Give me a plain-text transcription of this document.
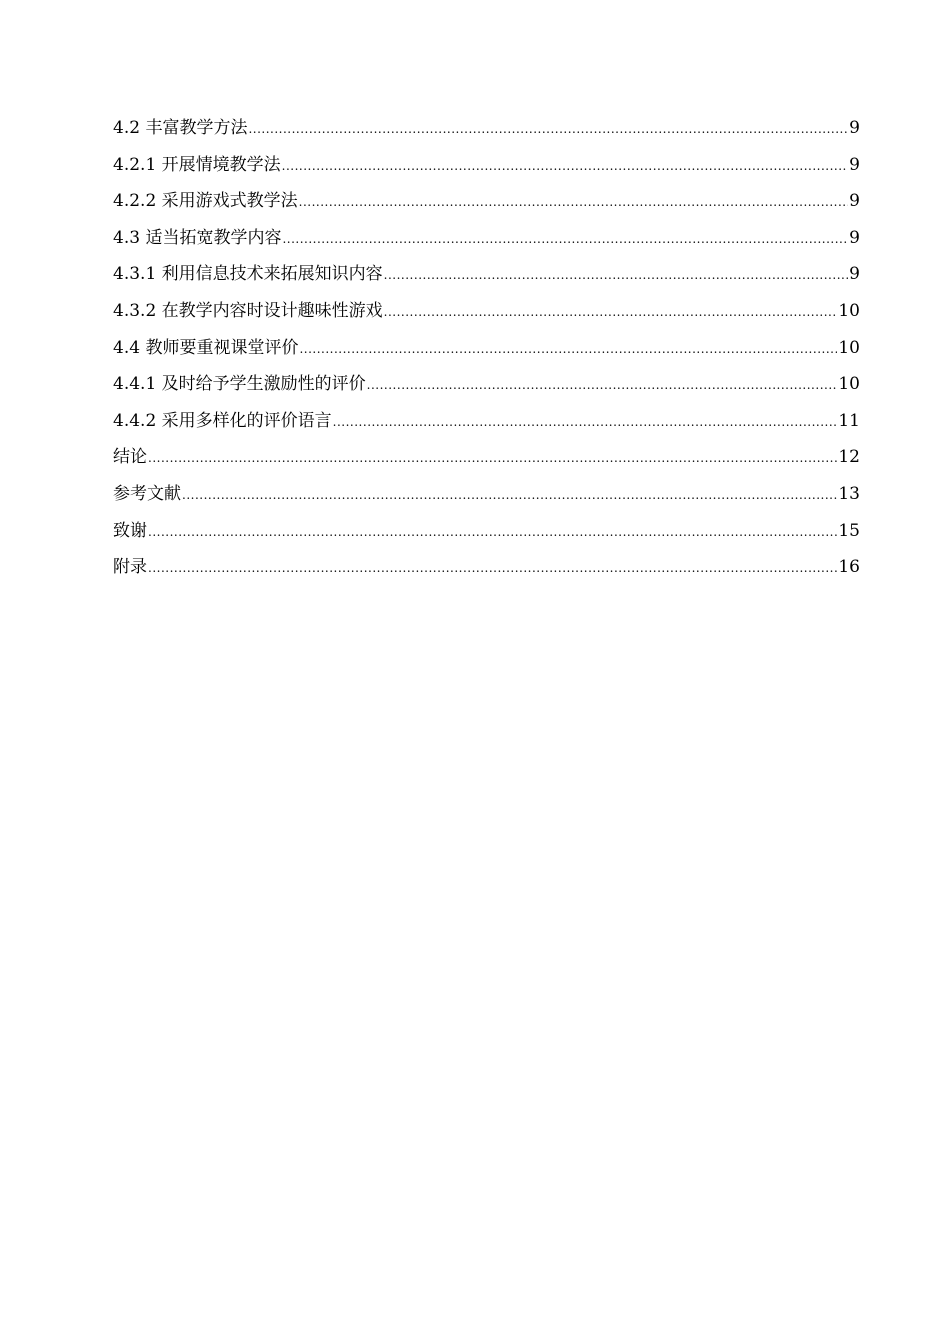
4.2 丰富教学方法 .....	9
4.2.1 开展情境教学法 .....	9
4.2.2 采用游戏式教学法 .....	9
4.3 适当拓宽教学内容 .....	9
4.3.1 利用信息技术来拓展知识内容 .....	9
4.3.2 在教学内容时设计趣味性游戏 .....	10
4.4 教师要重视课堂评价 .....	10
4.4.1 及时给予学生激励性的评价 .....	10
4.4.2 采用多样化的评价语言 .....	11
结论 .....	12
参考文献 .....	13
致谢 .....	15
附录 .....	16
